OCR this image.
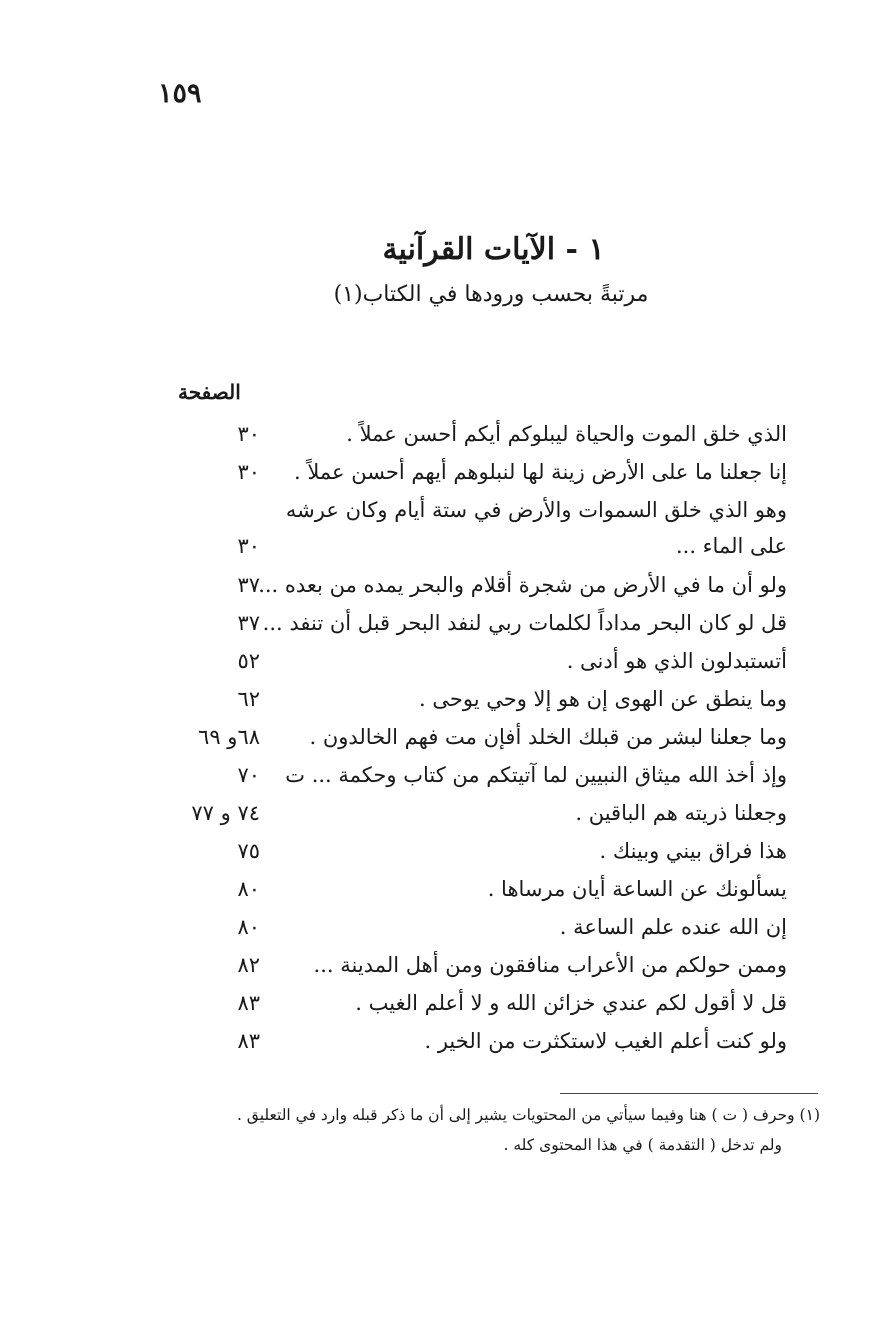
١٥٩
١ - الآيات القرآنية
مرتبةً بحسب ورودها في الكتاب(١)
الصفحة
الذي خلق الموت والحياة ليبلوكم أيكم أحسن عملاً .
٣٠
إنا جعلنا ما على الأرض زينة لها لنبلوهم أيهم أحسن عملاً .
٣٠
وهو الذي خلق السموات والأرض في ستة أيام وكان عرشه على الماء ...
٣٠
ولو أن ما في الأرض من شجرة أقلام والبحر يمده من بعده ...
٣٧
قل لو كان البحر مداداً لكلمات ربي لنفد البحر قبل أن تنفد ...
٣٧
أتستبدلون الذي هو أدنى .
٥٢
وما ينطق عن الهوى إن هو إلا وحي يوحى .
٦٢
وما جعلنا لبشر من قبلك الخلد أفإن مت فهم الخالدون .
٦٨و ٦٩
وإذ أخذ الله ميثاق النبيين لما آتيتكم من كتاب وحكمة ... ت
٧٠
وجعلنا ذريته هم الباقين .
٧٤ و ٧٧
هذا فراق بيني وبينك .
٧٥
يسألونك عن الساعة أيان مرساها .
٨٠
إن الله عنده علم الساعة .
٨٠
وممن حولكم من الأعراب منافقون ومن أهل المدينة ...
٨٢
قل لا أقول لكم عندي خزائن الله و لا أعلم الغيب .
٨٣
ولو كنت أعلم الغيب لاستكثرت من الخير .
٨٣

(١) وحرف ( ت ) هنا وفيما سيأتي من المحتويات يشير إلى أن ما ذكر قبله وارد في التعليق .

ولم تدخل ( التقدمة ) في هذا المحتوى كله .
